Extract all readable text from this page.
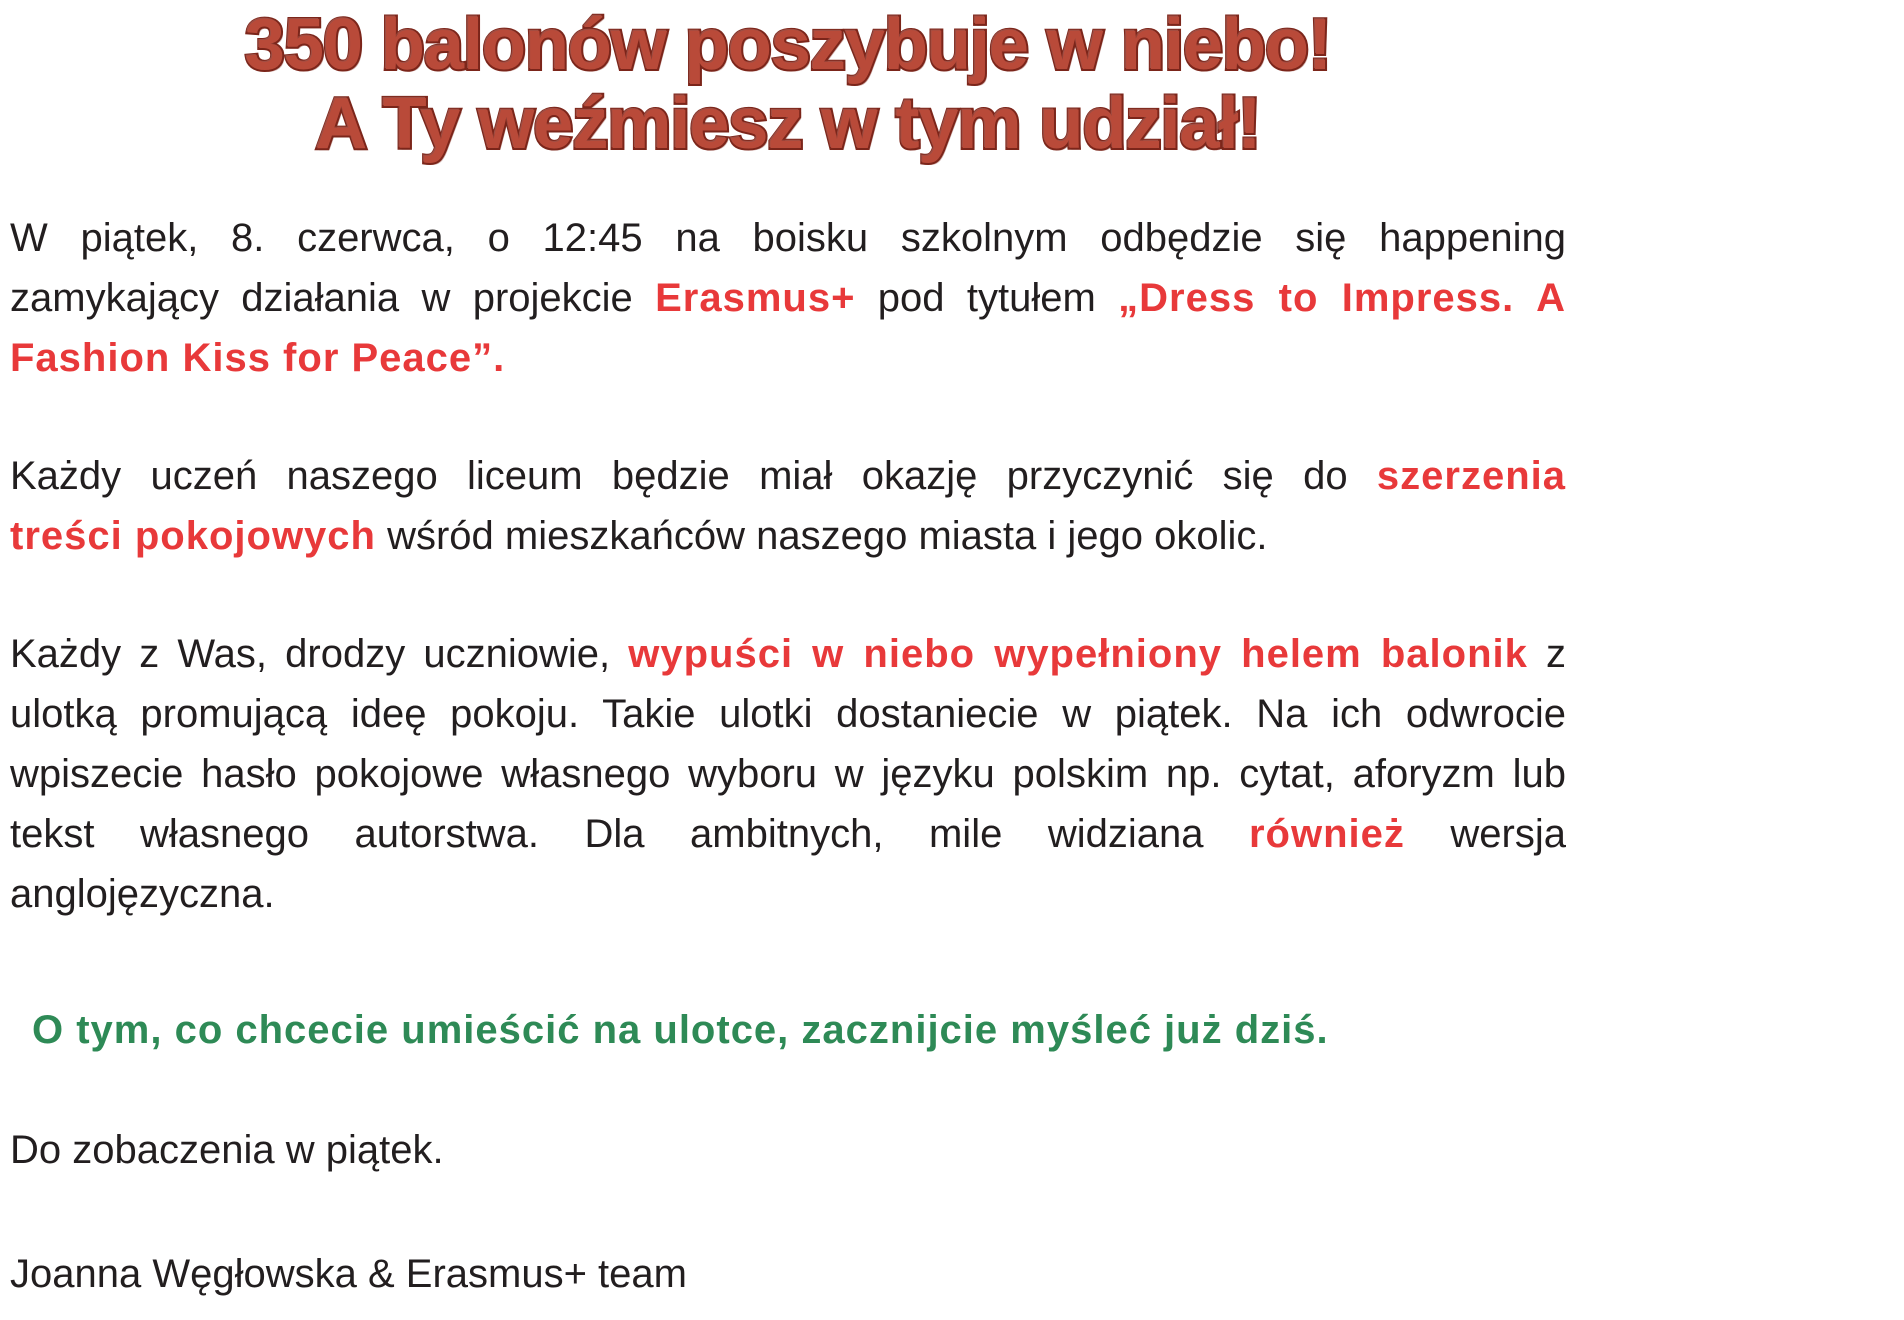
350 balonów poszybuje w niebo!
A Ty weźmiesz w tym udział!
W piątek, 8. czerwca, o 12:45 na boisku szkolnym odbędzie się happening
zamykający działania w projekcie Erasmus+ pod tytułem „Dress to Impress. A
Fashion Kiss for Peace”.
Każdy uczeń naszego liceum będzie miał okazję przyczynić się do szerzenia
treści pokojowych wśród mieszkańców naszego miasta i jego okolic.
Każdy z Was, drodzy uczniowie, wypuści w niebo wypełniony helem balonik z
ulotką promującą ideę pokoju. Takie ulotki dostaniecie w piątek. Na ich odwrocie
wpiszecie hasło pokojowe własnego wyboru w języku polskim np. cytat, aforyzm lub
tekst własnego autorstwa. Dla ambitnych, mile widziana również wersja
anglojęzyczna.
O tym, co chcecie umieścić na ulotce, zacznijcie myśleć już dziś.
Do zobaczenia w piątek.
Joanna Węgłowska & Erasmus+ team
